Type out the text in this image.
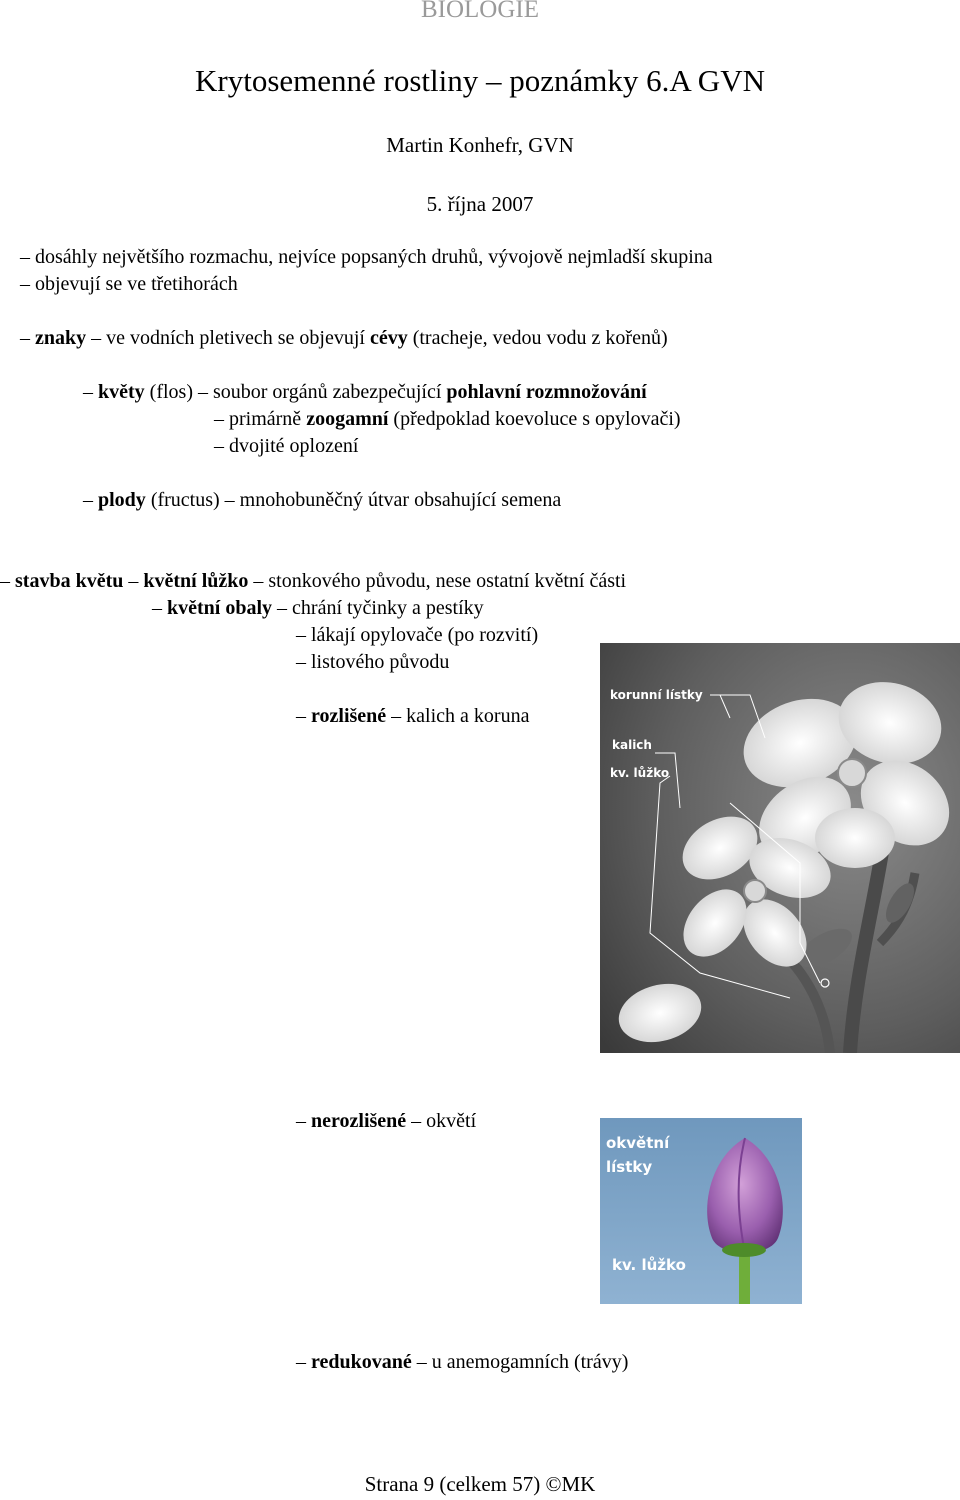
BIOLOGIE
Krytosemenné rostliny – poznámky 6.A GVN
Martin Konhefr, GVN
5. října 2007
– dosáhly největšího rozmachu, nejvíce popsaných druhů, vývojově nejmladší skupina
– objevují se ve třetihorách
– znaky – ve vodních pletivech se objevují cévy (tracheje, vedou vodu z kořenů)
– květy (flos) – soubor orgánů zabezpečující pohlavní rozmnožování
– primárně zoogamní (předpoklad koevoluce s opylovači)
– dvojité oplození
– plody (fructus) – mnohobuněčný útvar obsahující semena
– stavba květu – květní lůžko – stonkového původu, nese ostatní květní části
– květní obaly – chrání tyčinky a pestíky
– lákají opylovače (po rozvití)
– listového původu
– rozlišené – kalich a koruna
korunní lístky
kalich
kv. lůžko
– nerozlišené – okvětí
okvětní
lístky
kv. lůžko
– redukované – u anemogamních (trávy)
Strana 9 (celkem 57) ©MK
